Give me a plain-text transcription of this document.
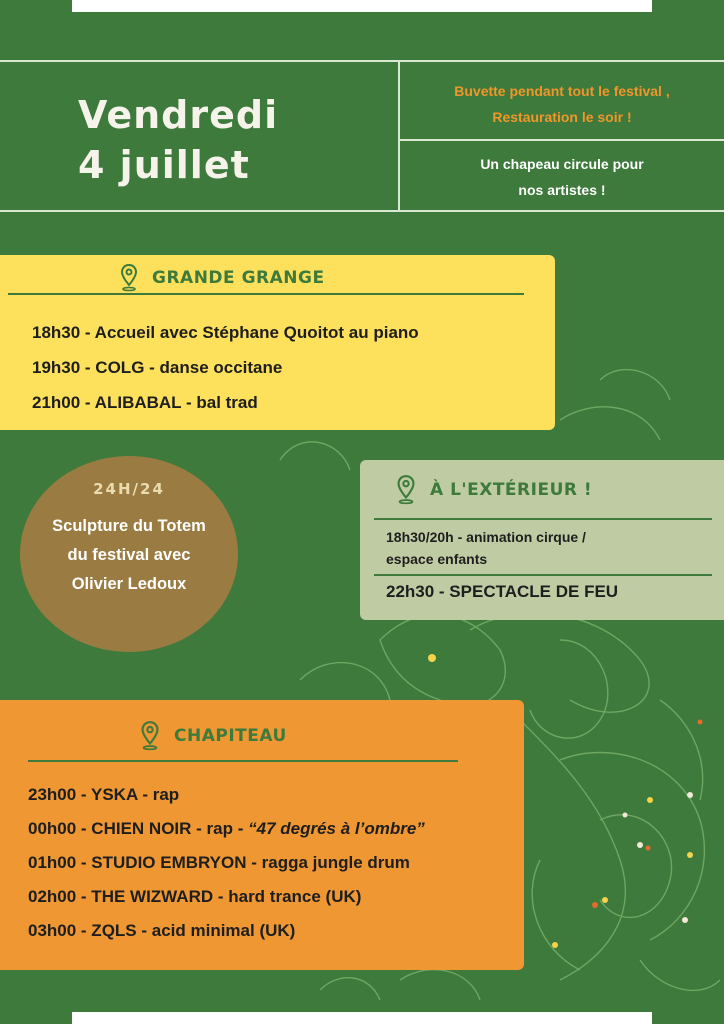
Vendredi
4 juillet
Buvette pendant tout le festival ,
Restauration le soir !
Un chapeau circule pour
nos artistes !
GRANDE GRANGE
18h30 - Accueil avec Stéphane Quoitot au piano
19h30 - COLG - danse occitane
21h00 - ALIBABAL - bal trad
24H/24
Sculpture du Totem
du festival avec
Olivier Ledoux
À L'EXTÉRIEUR !
18h30/20h - animation cirque /
espace enfants
22h30 - SPECTACLE DE FEU
CHAPITEAU
23h00 - YSKA - rap
00h00 - CHIEN NOIR - rap - “47 degrés à l’ombre”
01h00 - STUDIO EMBRYON - ragga jungle drum
02h00 - THE WIZWARD - hard trance (UK)
03h00 - ZQLS - acid minimal (UK)
